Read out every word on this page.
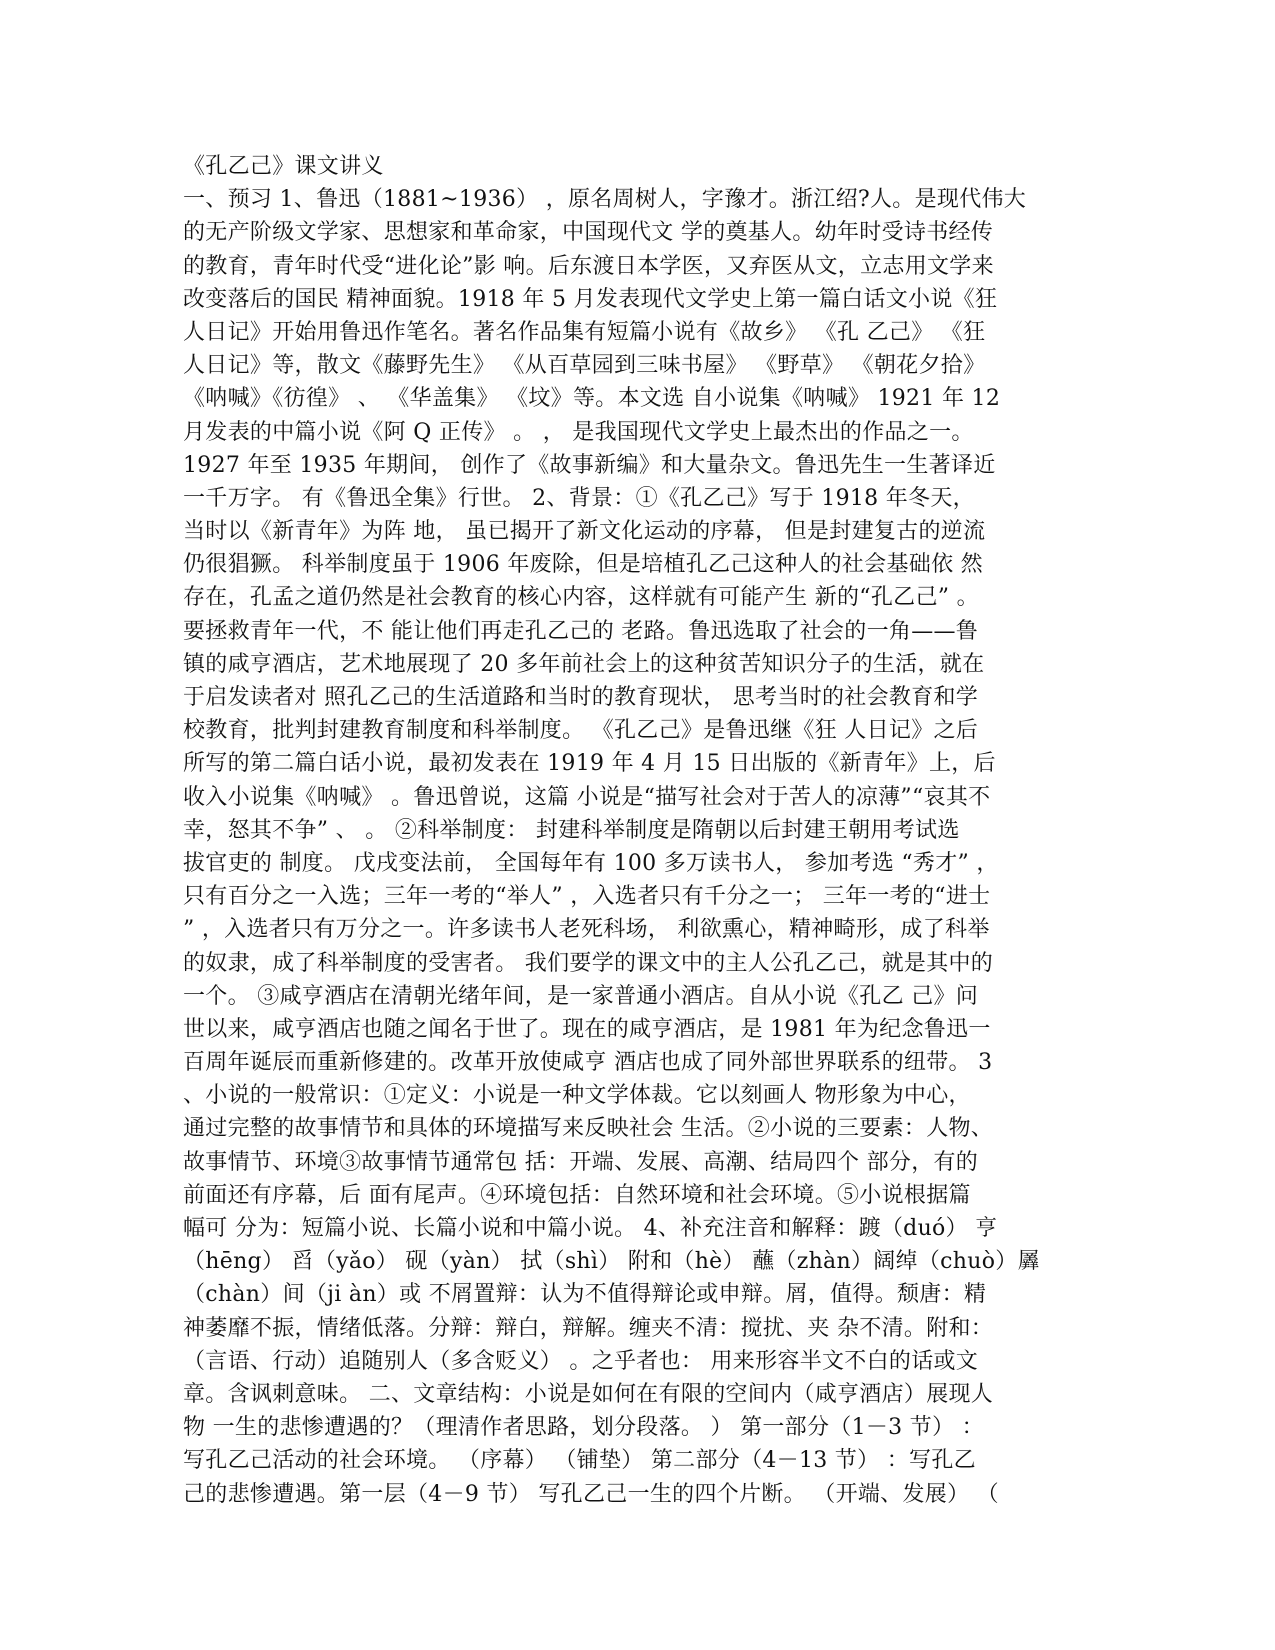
《孔乙己》课文讲义
一、预习 1、鲁迅（1881~1936） ，原名周树人，字豫才。浙江绍?人。是现代伟大
的无产阶级文学家、思想家和革命家，中国现代文 学的奠基人。幼年时受诗书经传
的教育，青年时代受“进化论”影 响。后东渡日本学医，又弃医从文，立志用文学来
改变落后的国民 精神面貌。1918 年 5 月发表现代文学史上第一篇白话文小说《狂
人日记》开始用鲁迅作笔名。著名作品集有短篇小说有《故乡》 《孔 乙己》 《狂
人日记》等，散文《藤野先生》 《从百草园到三味书屋》 《野草》 《朝花夕拾》
《呐喊》《彷徨》 、 《华盖集》 《坟》等。本文选 自小说集《呐喊》 1921 年 12
月发表的中篇小说《阿 Q 正传》 。 ， 是我国现代文学史上最杰出的作品之一。
1927 年至 1935 年期间， 创作了《故事新编》和大量杂文。鲁迅先生一生著译近
一千万字。 有《鲁迅全集》行世。 2、背景：①《孔乙己》写于 1918 年冬天，
当时以《新青年》为阵 地， 虽已揭开了新文化运动的序幕， 但是封建复古的逆流
仍很猖獗。 科举制度虽于 1906 年废除，但是培植孔乙己这种人的社会基础依 然
存在，孔孟之道仍然是社会教育的核心内容，这样就有可能产生 新的“孔乙己” 。
要拯救青年一代，不 能让他们再走孔乙己的 老路。鲁迅选取了社会的一角——鲁
镇的咸亨酒店，艺术地展现了 20 多年前社会上的这种贫苦知识分子的生活，就在
于启发读者对 照孔乙己的生活道路和当时的教育现状， 思考当时的社会教育和学
校教育，批判封建教育制度和科举制度。 《孔乙己》是鲁迅继《狂 人日记》之后
所写的第二篇白话小说，最初发表在 1919 年 4 月 15 日出版的《新青年》上，后
收入小说集《呐喊》 。鲁迅曾说，这篇 小说是“描写社会对于苦人的凉薄”“哀其不
幸，怒其不争” 、 。 ②科举制度： 封建科举制度是隋朝以后封建王朝用考试选
拔官吏的 制度。 戊戌变法前， 全国每年有 100 多万读书人， 参加考选 “秀才” ，
只有百分之一入选；三年一考的“举人” ，入选者只有千分之一； 三年一考的“进士
” ，入选者只有万分之一。许多读书人老死科场， 利欲熏心，精神畸形，成了科举
的奴隶，成了科举制度的受害者。 我们要学的课文中的主人公孔乙己，就是其中的
一个。 ③咸亨酒店在清朝光绪年间，是一家普通小酒店。自从小说《孔乙 己》问
世以来，咸亨酒店也随之闻名于世了。现在的咸亨酒店，是 1981 年为纪念鲁迅一
百周年诞辰而重新修建的。改革开放使咸亨 酒店也成了同外部世界联系的纽带。 3
、小说的一般常识：①定义：小说是一种文学体裁。它以刻画人 物形象为中心，
通过完整的故事情节和具体的环境描写来反映社会 生活。②小说的三要素：人物、
故事情节、环境③故事情节通常包 括：开端、发展、高潮、结局四个 部分，有的
前面还有序幕，后 面有尾声。④环境包括：自然环境和社会环境。⑤小说根据篇
幅可 分为：短篇小说、长篇小说和中篇小说。 4、补充注音和解释：踱（duó） 亨
（hēng） 舀（yǎo） 砚（yàn） 拭（shì） 附和（hè） 蘸（zhàn）阔绰（chuò）羼
（chàn）间（ji àn）或 不屑置辩：认为不值得辩论或申辩。屑，值得。颓唐：精
神萎靡不振，情绪低落。分辩：辩白，辩解。缠夹不清：搅扰、夹 杂不清。附和：
（言语、行动）追随别人（多含贬义） 。之乎者也： 用来形容半文不白的话或文
章。含讽刺意味。 二、文章结构：小说是如何在有限的空间内（咸亨酒店）展现人
物 一生的悲惨遭遇的？（理清作者思路，划分段落。 ） 第一部分（1－3 节） ：
写孔乙己活动的社会环境。 （序幕） （铺垫） 第二部分（4－13 节） ：写孔乙
己的悲惨遭遇。第一层（4－9 节） 写孔乙己一生的四个片断。 （开端、发展） （
